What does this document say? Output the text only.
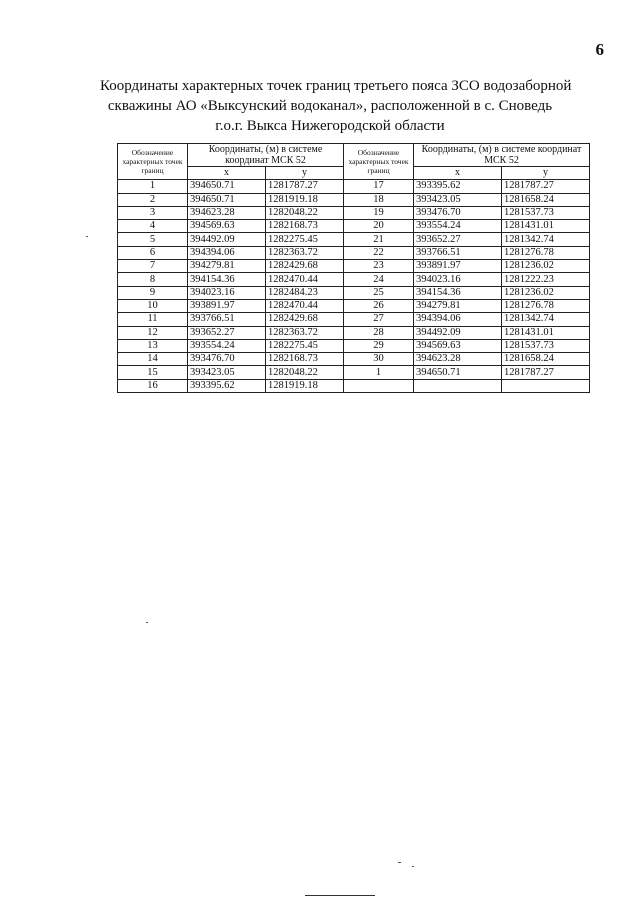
6
Координаты характерных точек границ третьего пояса ЗСО водозаборной
скважины АО «Выксунский водоканал», расположенной в с. Сноведь
г.о.г. Выкса Нижегородской области
Обозначение характерных точек границ	Координаты, (м) в системе координат МСК 52		Обозначение характерных точек границ	Координаты, (м) в системе координат МСК 52	
	x	y		x	y
1	394650.71	1281787.27	17	393395.62	1281787.27
2	394650.71	1281919.18	18	393423.05	1281658.24
3	394623.28	1282048.22	19	393476.70	1281537.73
4	394569.63	1282168.73	20	393554.24	1281431.01
5	394492.09	1282275.45	21	393652.27	1281342.74
6	394394.06	1282363.72	22	393766.51	1281276.78
7	394279.81	1282429.68	23	393891.97	1281236.02
8	394154.36	1282470.44	24	394023.16	1281222.23
9	394023.16	1282484.23	25	394154.36	1281236.02
10	393891.97	1282470.44	26	394279.81	1281276.78
11	393766.51	1282429.68	27	394394.06	1281342.74
12	393652.27	1282363.72	28	394492.09	1281431.01
13	393554.24	1282275.45	29	394569.63	1281537.73
14	393476.70	1282168.73	30	394623.28	1281658.24
15	393423.05	1282048.22	1	394650.71	1281787.27
16	393395.62	1281919.18			
